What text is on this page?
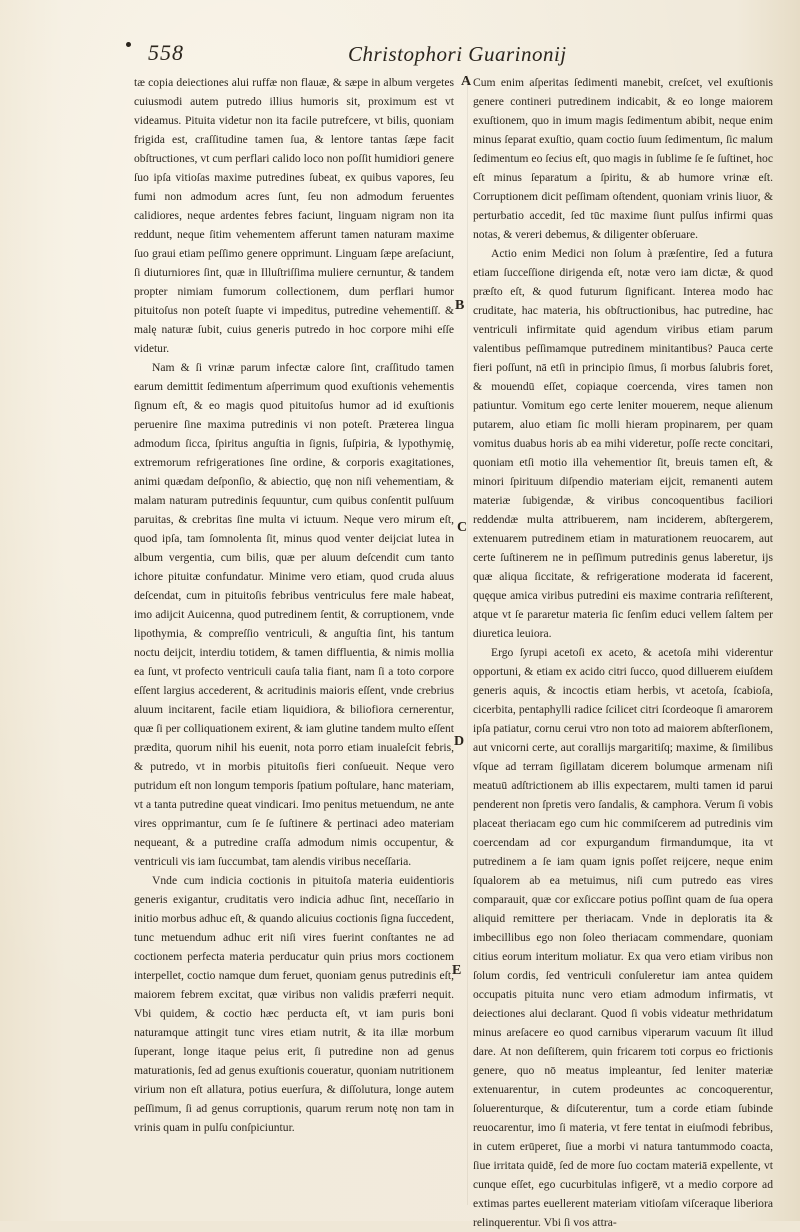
558	Christophori Guarinonij

tæ copia deiectiones alui ruffæ non flauæ, & sæpe in album vergetes cuiusmodi autem putredo illius humoris sit, proximum est vt videamus. Pituita videtur non ita facile putrefcere, vt bilis, quoniam frigida est, craſſitudine tamen ſua, & lentore tantas ſæpe facit obſtructiones, vt cum perflari calido loco non poſſit humidiori genere ſuo ipſa vitioſas maxime putredines ſubeat, ex quibus vapores, ſeu fumi non admodum acres ſunt, ſeu non admodum feruentes calidiores, neque ardentes febres faciunt, linguam nigram non ita reddunt, neque ſitim vehementem afferunt tamen naturam maxime ſuo graui etiam peſſimo genere opprimunt. Linguam ſæpe areſaciunt, ſi diuturniores ſint, quæ in Illuſtriſſima muliere cernuntur, & tandem propter nimiam fumorum collectionem, dum perflari humor pituitoſus non poteſt ſuapte vi impeditus, putredine vehementiſſ. & malę naturæ ſubit, cuius generis putredo in hoc corpore mihi eſſe videtur.

Nam & ſi vrinæ parum infectæ calore ſint, craſſitudo tamen earum demittit ſedimentum aſperrimum quod exuſtionis vehementis ſignum eſt, & eo magis quod pituitoſus humor ad id exuſtionis peruenire ſine maxima putredinis vi non poteſt. Præterea lingua admodum ſicca, ſpiritus anguſtia in ſignis, ſuſpiria, & lypothymię, extremorum refrigerationes ſine ordine, & corporis exagitationes, animi quædam deſponſio, & abiectio, quę non niſi vehementiam, & malam naturam putredinis ſequuntur, cum quibus conſentit pulſuum paruitas, & crebritas ſine multa vi ictuum. Neque vero mirum eſt, quod ipſa, tam ſomnolenta ſit, minus quod venter deijciat lutea in album vergentia, cum bilis, quæ per aluum deſcendit cum tanto ichore pituitæ confundatur. Minime vero etiam, quod cruda aluus deſcendat, cum in pituitoſis febribus ventriculus fere male habeat, imo adijcit Auicenna, quod putredinem ſentit, & corruptionem, vnde lipothymia, & compreſſio ventriculi, & anguſtia ſint, his tantum noctu deijcit, interdiu totidem, & tamen diffluentia, & nimis mollia ea ſunt, vt profecto ventriculi cauſa talia fiant, nam ſi a toto corpore eſſent largius accederent, & acritudinis maioris eſſent, vnde crebrius aluum incitarent, facile etiam liquidiora, & biliofiora cernerentur, quæ ſi per colliquationem exirent, & iam glutine tandem multo eſſent prædita, quorum nihil his euenit, nota porro etiam inualeſcit febris, & putredo, vt in morbis pituitoſis fieri conſueuit. Neque vero putridum eſt non longum temporis ſpatium poſtulare, hanc materiam, vt a tanta putredine queat vindicari. Imo penitus metuendum, ne ante vires opprimantur, cum ſe ſe ſuſtinere & pertinaci adeo materiam nequeant, & a putredine craſſa admodum nimis occupentur, & ventriculi vis iam ſuccumbat, tam alendis viribus neceſſaria.

Vnde cum indicia coctionis in pituitoſa materia euidentioris generis exigantur, cruditatis vero indicia adhuc ſint, neceſſario in initio morbus adhuc eſt, & quando alicuius coctionis ſigna ſuccedent, tunc metuendum adhuc erit niſi vires fuerint conſtantes ne ad coctionem perfecta materia perducatur quin prius mors coctionem interpellet, coctio namque dum feruet, quoniam genus putredinis eſt, maiorem febrem excitat, quæ viribus non validis præferri nequit. Vbi quidem, & coctio hæc perducta eſt, vt iam puris boni naturamque attingit tunc vires etiam nutrit, & ita illæ morbum ſuperant, longe itaque peius erit, ſi putredine non ad genus maturationis, ſed ad genus exuſtionis coueratur, quoniam nutritionem virium non eſt allatura, potius euerſura, & diſſolutura, longe autem peſſimum, ſi ad genus corruptionis, quarum rerum notę non tam in vrinis quam in pulſu conſpiciuntur.

Cum enim aſperitas ſedimenti manebit, creſcet, vel exuſtionis genere contineri putredinem indicabit, & eo longe maiorem exuſtionem, quo in imum magis ſedimentum abibit, neque enim minus ſeparat exuſtio, quam coctio ſuum ſedimentum, ſic malum ſedimentum eo ſecius eſt, quo magis in ſublime ſe ſe ſuſtinet, hoc eſt minus ſeparatum a ſpiritu, & ab humore vrinæ eſt. Corruptionem dicit peſſimam oſtendent, quoniam vrinis liuor, & perturbatio accedit, ſed tūc maxime ſiunt pulſus infirmi quas notas, & vereri debemus, & diligenter obſeruare.

Actio enim Medici non ſolum à præſentire, ſed a futura etiam ſucceſſione dirigenda eſt, notæ vero iam dictæ, & quod præſto eſt, & quod futurum ſignificant. Interea modo hac cruditate, hac materia, his obſtructionibus, hac putredine, hac ventriculi infirmitate quid agendum viribus etiam parum valentibus peſſimamque putredinem minitantibus? Pauca certe fieri poſſunt, nā etſi in principio ſimus, ſi morbus ſalubris foret, & mouendū eſſet, copiaque coercenda, vires tamen non patiuntur. Vomitum ego certe leniter mouerem, neque alienum putarem, aluo etiam ſic molli hieram propinarem, per quam vomitus duabus horis ab ea mihi videretur, poſſe recte concitari, quoniam etſi motio illa vehementior ſit, breuis tamen eſt, & minori ſpirituum diſpendio materiam eijcit, remanenti autem materiæ ſubigendæ, & viribus concoquentibus faciliori reddendæ multa attribuerem, nam inciderem, abſtergerem, extenuarem putredinem etiam in maturationem reuocarem, aut certe ſuſtinerem ne in peſſimum putredinis genus laberetur, ijs quæ aliqua ſiccitate, & refrigeratione moderata id facerent, quęque amica viribus putredini eis maxime contraria reſiſterent, atque vt ſe pararetur materia ſic ſenſim educi vellem ſaltem per diuretica leuiora.

Ergo ſyrupi acetoſi ex aceto, & acetoſa mihi viderentur opportuni, & etiam ex acido citri ſucco, quod dilluerem eiuſdem generis aquis, & incoctis etiam herbis, vt acetoſa, ſcabioſa, cicerbita, pentaphylli radice ſcilicet citri ſcordeoque ſi amarorem ipſa patiatur, cornu cerui vtro non toto ad maiorem abſterſionem, aut vnicorni certe, aut corallijs margaritiſq; maxime, & ſimilibus vſque ad terram ſigillatam dicerem bolumque armenam niſi meatuū adſtrictionem ab illis expectarem, multi tamen id parui penderent non ſpretis vero ſandalis, & camphora. Verum ſi vobis placeat theriacam ego cum hic commiſcerem ad putredinis vim coercendam ad cor expurgandum firmandumque, ita vt putredinem a ſe iam quam ignis poſſet reijcere, neque enim ſqualorem ab ea metuimus, niſi cum putredo eas vires comparauit, quæ cor exſiccare potius poſſint quam de ſua opera aliquid remittere per theriacam. Vnde in deploratis ita & imbecillibus ego non ſoleo theriacam commendare, quoniam citius eorum interitum moliatur. Ex qua vero etiam viribus non ſolum cordis, ſed ventriculi conſuleretur iam antea quidem occupatis pituita nunc vero etiam admodum infirmatis, vt deiectiones alui declarant. Quod ſi vobis videatur methridatum minus areſacere eo quod carnibus viperarum vacuum ſit illud dare. At non deſiſterem, quin fricarem toti corpus eo frictionis genere, quo nō meatus impleantur, ſed leniter materiæ extenuarentur, in cutem prodeuntes ac concoquerentur, ſoluerenturque, & diſcuterentur, tum a corde etiam ſubinde reuocarentur, imo ſi materia, vt fere tentat in eiuſmodi febribus, in cutem erūperet, ſiue a morbi vi natura tantummodo coacta, ſiue irritata quidē, ſed de more ſuo coctam materiā expellente, vt cunque eſſet, ego cucurbitulas infigerē, vt a medio corpore ad extimas partes euellerent materiam vitioſam viſceraque liberiora relinquerentur. Vbi ſi vos attra-

A
B
C
D
E
